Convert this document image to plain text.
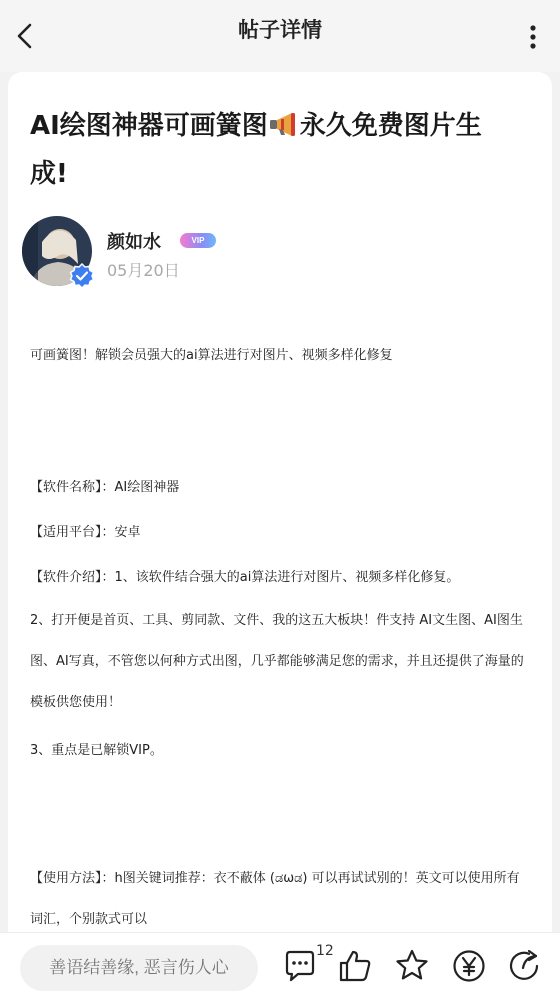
帖子详情
AI绘图神器可画簧图 永久免费图片生成!
颜如水	VIP
05月20日
可画簧图！解锁会员强大的ai算法进行对图片、视频多样化修复
【软件名称】：AI绘图神器
【适用平台】：安卓
【软件介绍】：1、该软件结合强大的ai算法进行对图片、视频多样化修复。
2、打开便是首页、工具、剪同款、文件、我的这五大板块！件支持 AI文生图、AI图生图、AI写真，不管您以何种方式出图，几乎都能够满足您的需求，并且还提供了海量的模板供您使用！
3、重点是已解锁VIP。
【使用方法】：h图关键词推荐：衣不蔽体 (ಡωಡ) 可以再试试别的！英文可以使用所有词汇，个别款式可以
善语结善缘, 恶言伤人心
12
